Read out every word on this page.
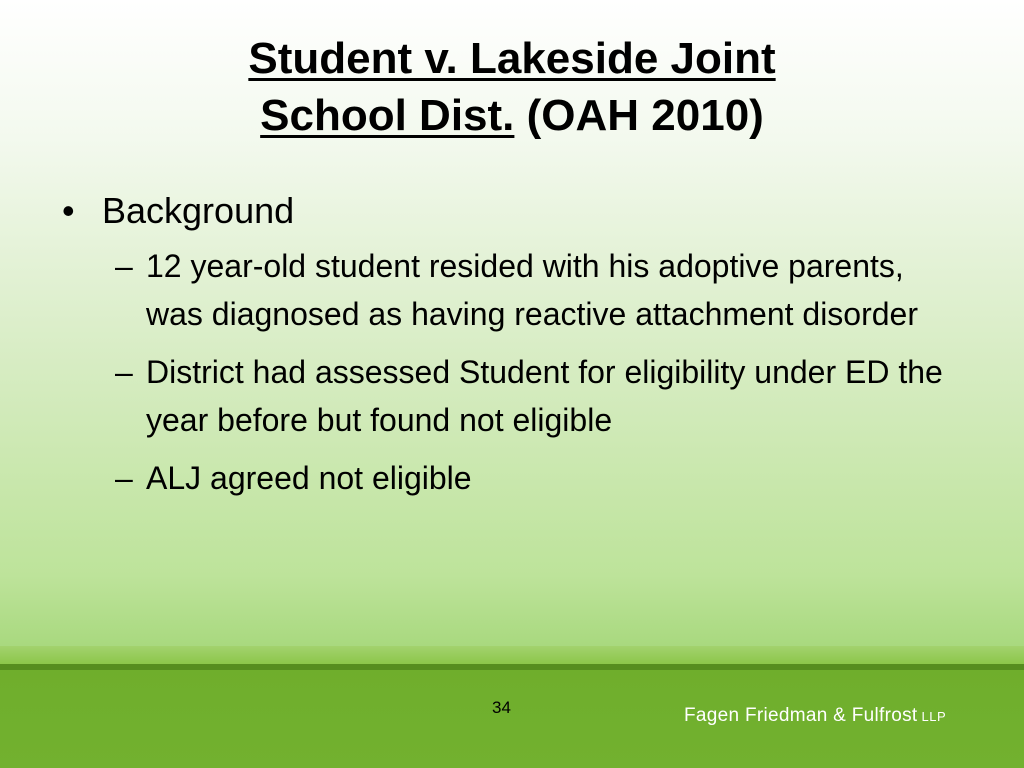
Student v. Lakeside Joint
School Dist. (OAH 2010)
• Background
– 12 year-old student resided with his adoptive parents, was diagnosed as having reactive attachment disorder
– District had assessed Student for eligibility under ED the year before but found not eligible
– ALJ agreed not eligible
34	Fagen Friedman & Fulfrost LLP
